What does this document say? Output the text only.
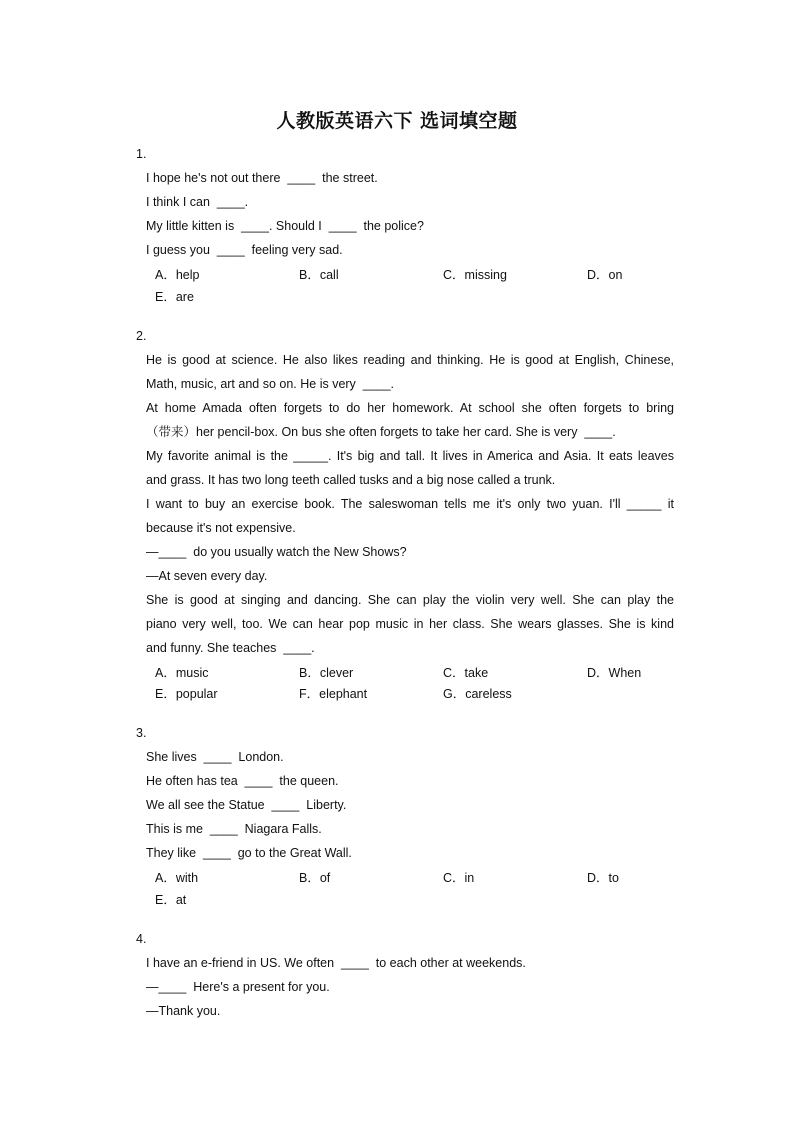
人教版英语六下 选词填空题
1.
I hope he's not out there  ____  the street.
I think I can  ____.
My little kitten is  ____. Should I  ____  the police?
I guess you  ____  feeling very sad.
A．help	B．call	C．missing	D．on
E．are
2.
He is good at science. He also likes reading and thinking. He is good at English, Chinese,
Math, music, art and so on. He is very  ____.
At home Amada often forgets to do her homework. At school she often forgets to bring
（带来）her pencil-box. On bus she often forgets to take her card. She is very  ____.
My favorite animal is the _____. It's big and tall. It lives in America and Asia. It eats leaves
and grass. It has two long teeth called tusks and a big nose called a trunk.
I want to buy an exercise book. The saleswoman tells me it's only two yuan. I'll _____ it
because it's not expensive.
—____  do you usually watch the New Shows?
—At seven every day.
She is good at singing and dancing. She can play the violin very well. She can play the
piano very well, too. We can hear pop music in her class. She wears glasses. She is kind
and funny. She teaches  ____.
A．music	B．clever	C．take	D．When
E．popular	F．elephant	G．careless
3.
She lives  ____  London.
He often has tea  ____  the queen.
We all see the Statue  ____  Liberty.
This is me  ____  Niagara Falls.
They like  ____  go to the Great Wall.
A．with	B．of	C．in	D．to
E．at
4.
I have an e-friend in US. We often  ____  to each other at weekends.
—____  Here's a present for you.
—Thank you.
